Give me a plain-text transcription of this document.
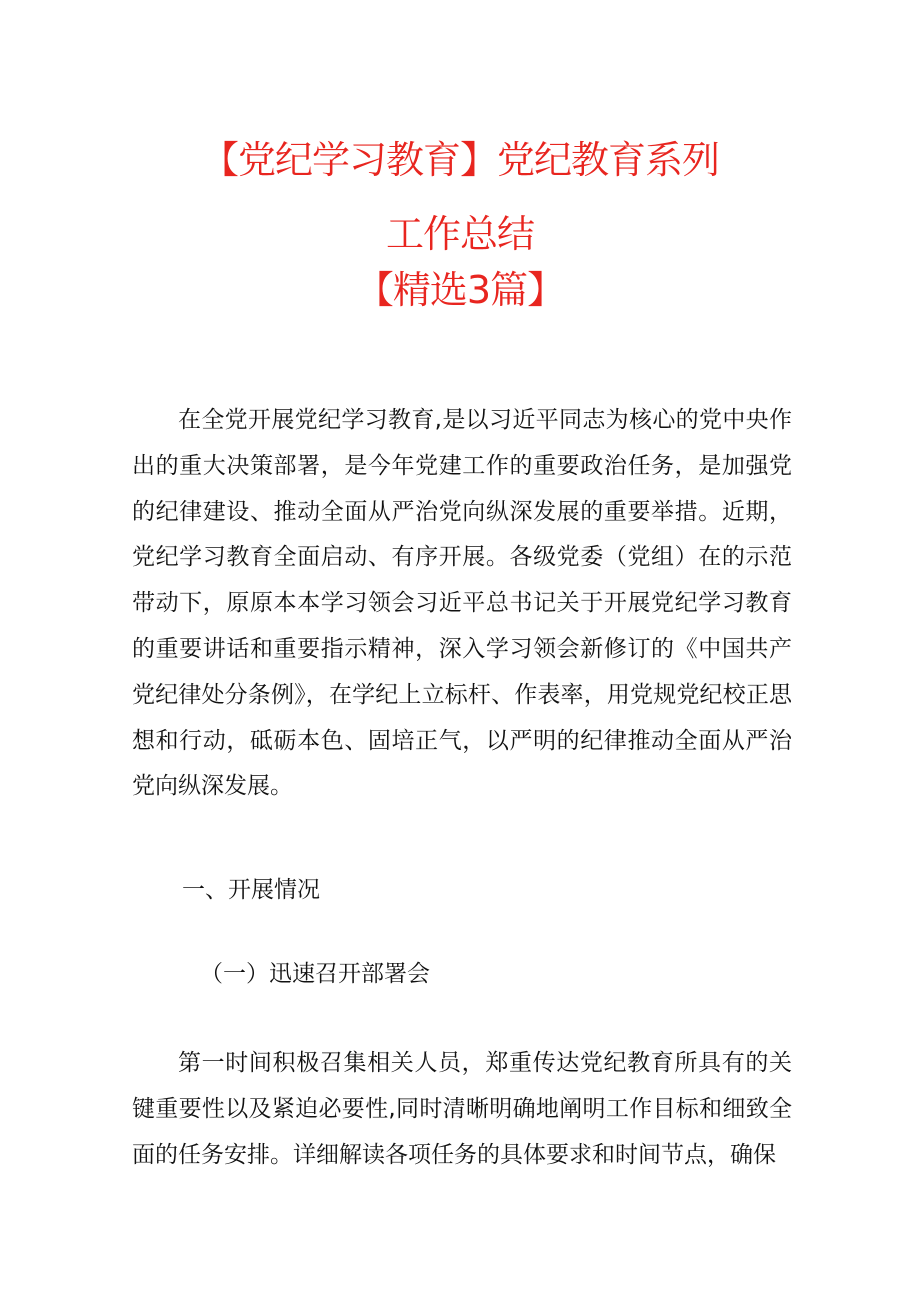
【党纪学习教育】党纪教育系列
工作总结
【精选3篇】

在全党开展党纪学习教育,是以习近平同志为核心的党中央作出的重大决策部署，是今年党建工作的重要政治任务，是加强党的纪律建设、推动全面从严治党向纵深发展的重要举措。近期，党纪学习教育全面启动、有序开展。各级党委（党组）在的示范带动下，原原本本学习领会习近平总书记关于开展党纪学习教育的重要讲话和重要指示精神，深入学习领会新修订的《中国共产党纪律处分条例》，在学纪上立标杆、作表率，用党规党纪校正思想和行动，砥砺本色、固培正气，以严明的纪律推动全面从严治党向纵深发展。

一、开展情况
（一）迅速召开部署会

第一时间积极召集相关人员，郑重传达党纪教育所具有的关键重要性以及紧迫必要性,同时清晰明确地阐明工作目标和细致全面的任务安排。详细解读各项任务的具体要求和时间节点，确保
